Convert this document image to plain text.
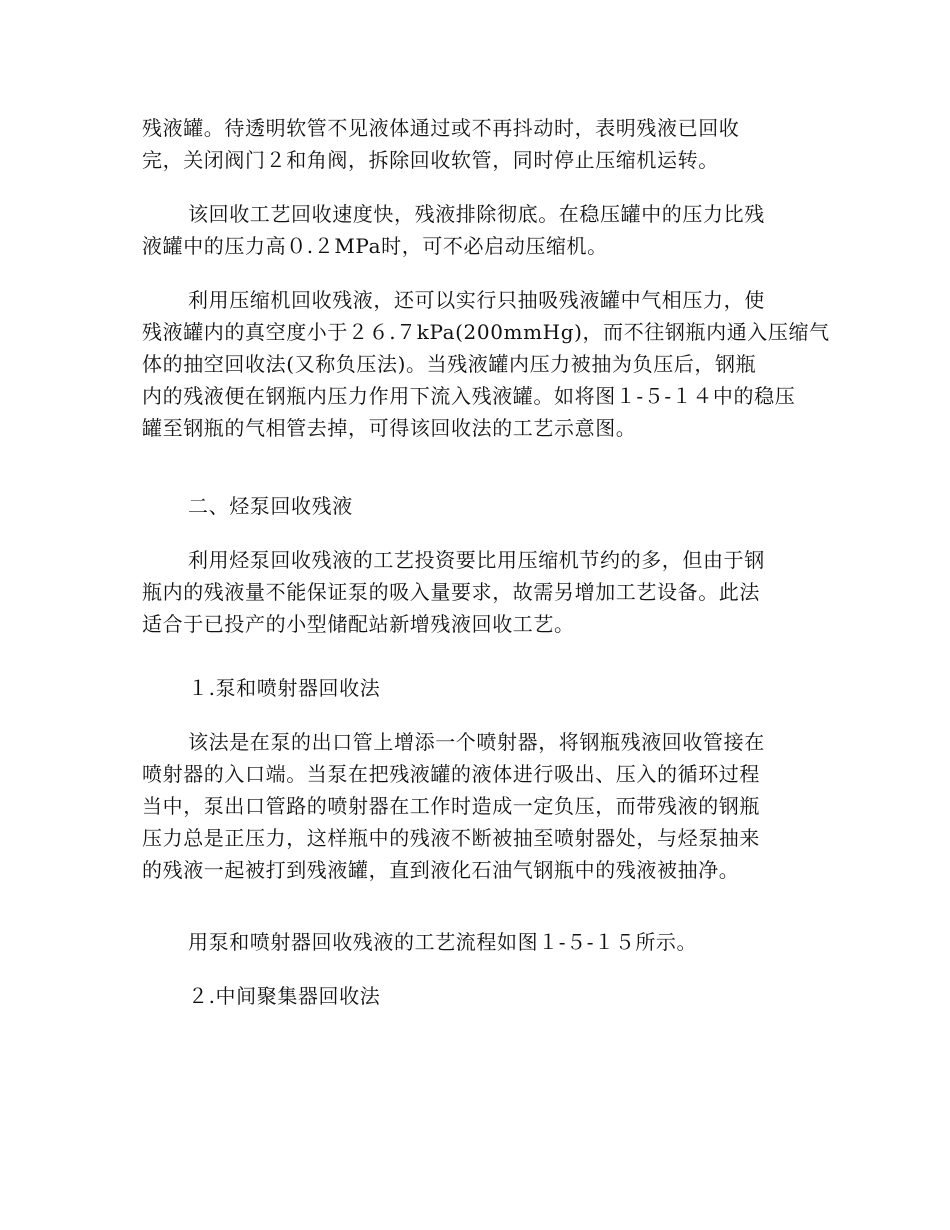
残液罐。待透明软管不见液体通过或不再抖动时，表明残液已回收
完，关闭阀门２和角阀，拆除回收软管，同时停止压缩机运转。

该回收工艺回收速度快，残液排除彻底。在稳压罐中的压力比残
液罐中的压力高０.２MPa时，可不必启动压缩机。

利用压缩机回收残液，还可以实行只抽吸残液罐中气相压力，使
残液罐内的真空度小于２６.７kPa(200mmHg)，而不往钢瓶内通入压缩气
体的抽空回收法(又称负压法)。当残液罐内压力被抽为负压后，钢瓶
内的残液便在钢瓶内压力作用下流入残液罐。如将图１-５-１４中的稳压
罐至钢瓶的气相管去掉，可得该回收法的工艺示意图。

二、烃泵回收残液

利用烃泵回收残液的工艺投资要比用压缩机节约的多，但由于钢
瓶内的残液量不能保证泵的吸入量要求，故需另增加工艺设备。此法
适合于已投产的小型储配站新增残液回收工艺。

１.泵和喷射器回收法

该法是在泵的出口管上增添一个喷射器，将钢瓶残液回收管接在
喷射器的入口端。当泵在把残液罐的液体进行吸出、压入的循环过程
当中，泵出口管路的喷射器在工作时造成一定负压，而带残液的钢瓶
压力总是正压力，这样瓶中的残液不断被抽至喷射器处，与烃泵抽来
的残液一起被打到残液罐，直到液化石油气钢瓶中的残液被抽净。

用泵和喷射器回收残液的工艺流程如图１-５-１５所示。

２.中间聚集器回收法
